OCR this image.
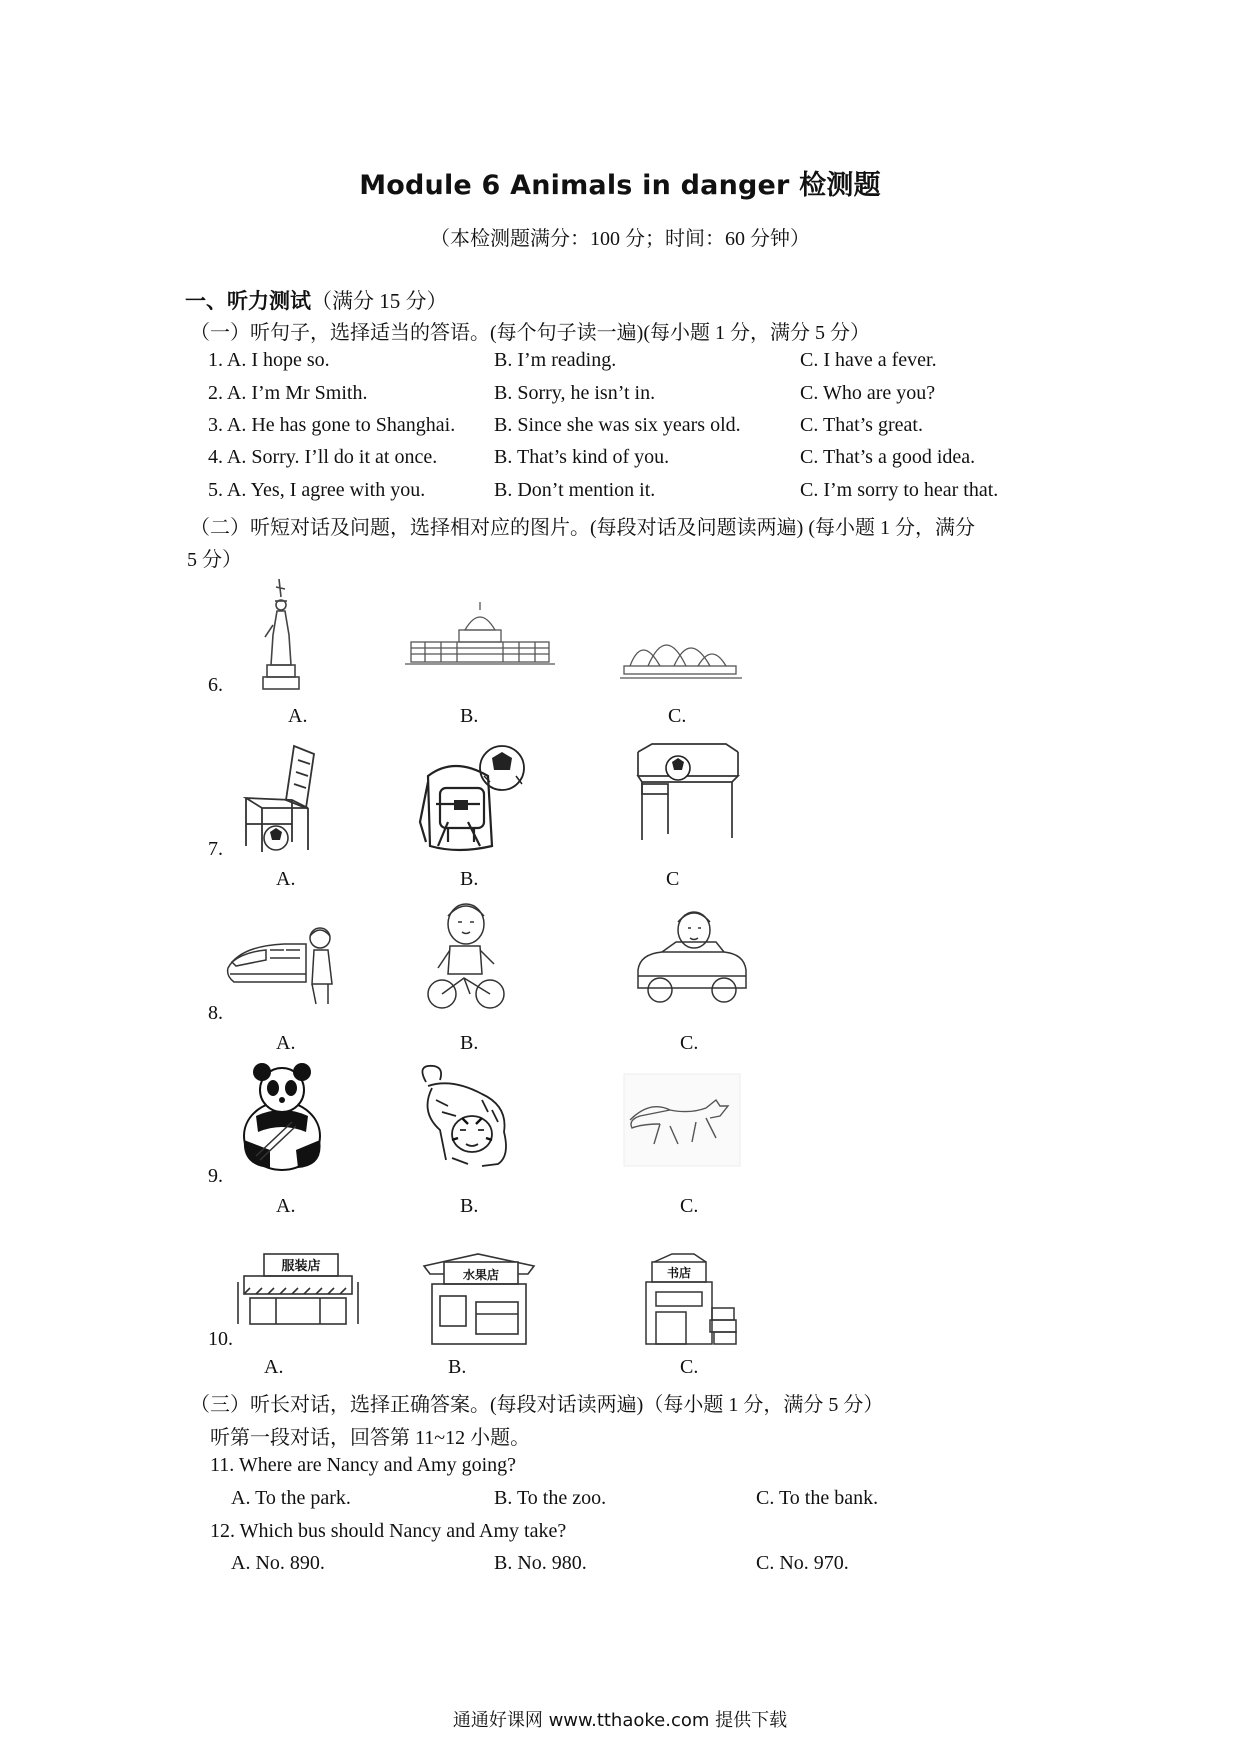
Module 6 Animals in danger 检测题
（本检测题满分：100 分；时间：60 分钟）
一、听力测试（满分 15 分）
（一）听句子，选择适当的答语。(每个句子读一遍)(每小题 1 分，满分 5 分）
1. A. I hope so.	B. I’m reading.	C. I have a fever.
2. A. I’m Mr Smith.	B. Sorry, he isn’t in.	C. Who are you?
3. A. He has gone to Shanghai. B. Since she was six years old.	C. That’s great.
4. A. Sorry. I’ll do it at once.	B. That’s kind of you.	C. That’s a good idea.
5. A. Yes, I agree with you.	B. Don’t mention it.	C. I’m sorry to hear that.
（二）听短对话及问题，选择相对应的图片。(每段对话及问题读两遍) (每小题 1 分，满分
5 分）
6.
A.	B.	C.
7.
A.	B.	C
8.
A.	B.	C.
9.
A.	B.	C.
10.
服装店
水果店	书店
A.	B.	C.
（三）听长对话，选择正确答案。(每段对话读两遍)（每小题 1 分，满分 5 分）
听第一段对话，回答第 11~12 小题。
11. Where are Nancy and Amy going?
A. To the park.	B. To the zoo.	C. To the bank.
12. Which bus should Nancy and Amy take?
A. No. 890.	B. No. 980.	C. No. 970.
通通好课网 www.tthaoke.com 提供下载
